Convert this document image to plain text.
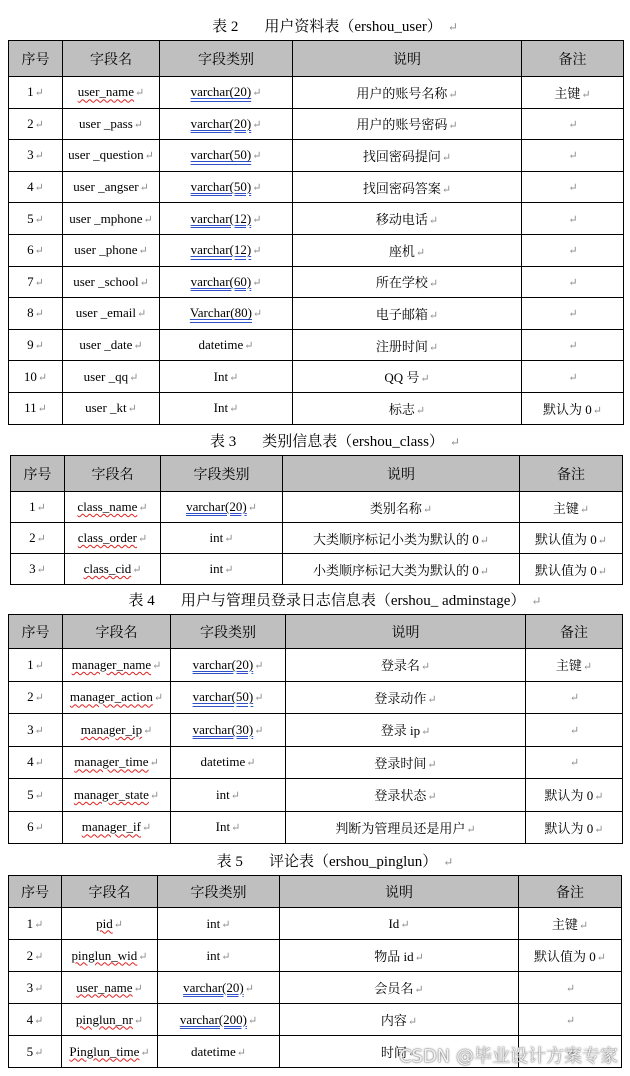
表 2 用户资料表（ershou_user） ↵
序号	字段名	字段类别	说明	备注
1 ↵	user_name ↵	varchar(20) ↵	用户的账号名称 ↵	主键 ↵
2 ↵	user _pass ↵	varchar(20) ↵	用户的账号密码 ↵	↵
3 ↵	user _question ↵	varchar(50) ↵	找回密码提问 ↵	↵
4 ↵	user _angser ↵	varchar(50) ↵	找回密码答案 ↵	↵
5 ↵	user _mphone ↵	varchar(12) ↵	移动电话 ↵	↵
6 ↵	user _phone ↵	varchar(12) ↵	座机 ↵	↵
7 ↵	user _school ↵	varchar(60) ↵	所在学校 ↵	↵
8 ↵	user _email ↵	Varchar(80) ↵	电子邮箱 ↵	↵
9 ↵	user _date ↵	datetime ↵	注册时间 ↵	↵
10 ↵	user _qq ↵	Int ↵	QQ 号 ↵	↵
11 ↵	user _kt ↵	Int ↵	标志 ↵	默认为 0 ↵
表 3 类别信息表（ershou_class） ↵
序号	字段名	字段类别	说明	备注
1 ↵	class_name ↵	varchar(20) ↵	类别名称 ↵	主键 ↵
2 ↵	class_order ↵	int ↵	大类顺序标记小类为默认的 0 ↵	默认值为 0 ↵
3 ↵	class_cid ↵	int ↵	小类顺序标记大类为默认的 0 ↵	默认值为 0 ↵
表 4 用户与管理员登录日志信息表（ershou_ adminstage） ↵
序号	字段名	字段类别	说明	备注
1 ↵	manager_name ↵	varchar(20) ↵	登录名 ↵	主键 ↵
2 ↵	manager_action ↵	varchar(50) ↵	登录动作 ↵	↵
3 ↵	manager_ip ↵	varchar(30) ↵	登录 ip ↵	↵
4 ↵	manager_time ↵	datetime ↵	登录时间 ↵	↵
5 ↵	manager_state ↵	int ↵	登录状态 ↵	默认为 0 ↵
6 ↵	manager_if ↵	Int ↵	判断为管理员还是用户 ↵	默认为 0 ↵
表 5 评论表（ershou_pinglun） ↵
序号	字段名	字段类别	说明	备注
1 ↵	pid ↵	int ↵	Id ↵	主键 ↵
2 ↵	pinglun_wid ↵	int ↵	物品 id ↵	默认值为 0 ↵
3 ↵	user_name ↵	varchar(20) ↵	会员名 ↵	↵
4 ↵	pinglun_nr ↵	varchar(200) ↵	内容 ↵	↵
5 ↵	Pinglun_time ↵	datetime ↵	时间 ↵	↵
CSDN @毕业设计方案专家
